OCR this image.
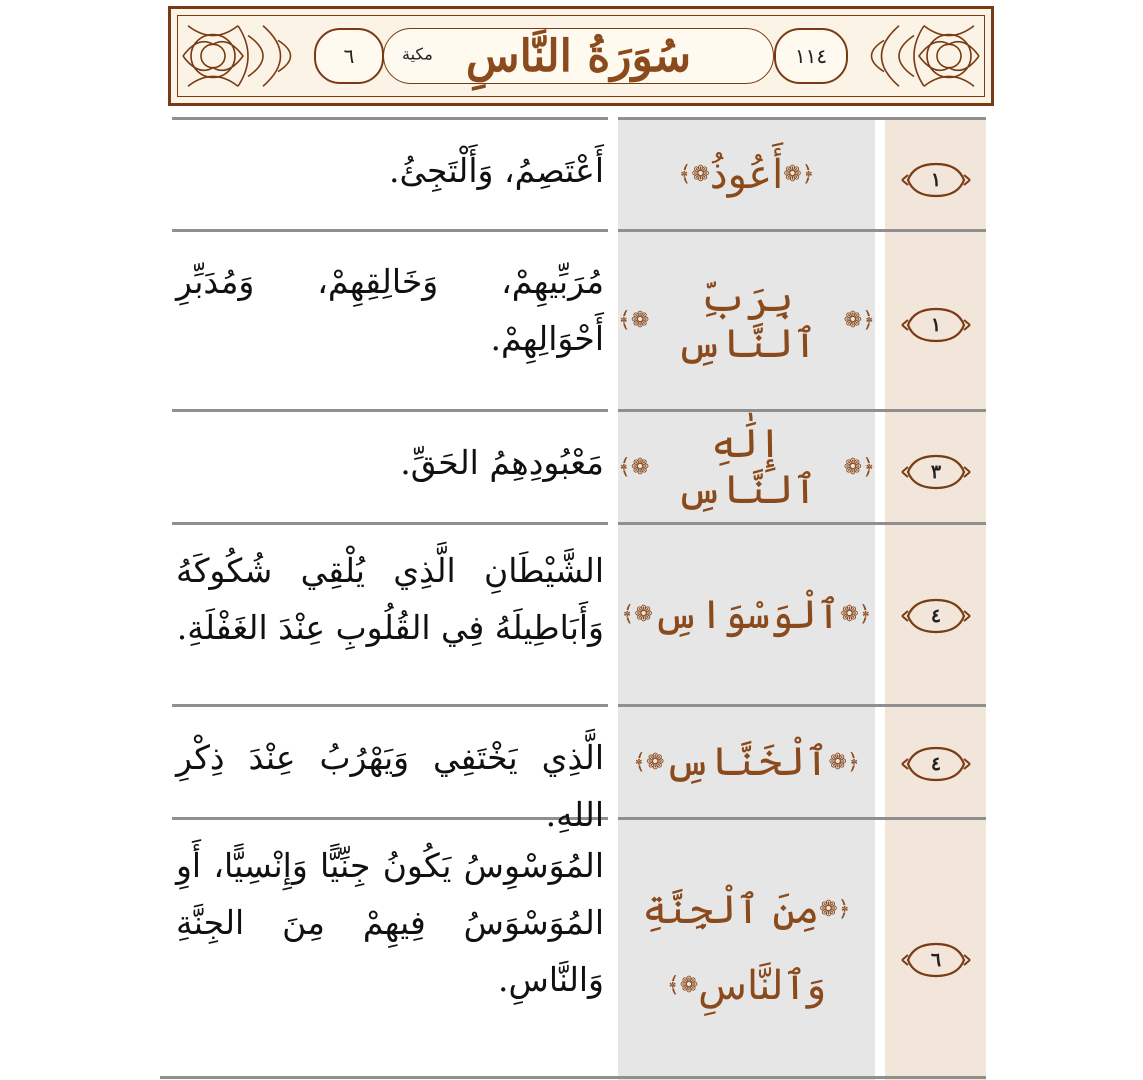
٦	مكية سُوَرَةُ النَّاسِ	١١٤
١
﴿❁
أَعُوذُ
❁﴾
أَعْتَصِمُ، وَأَلْتَجِئُ.
١
﴿❁
بِرَبِّ ٱلنَّاسِ
❁﴾
مُرَبِّيهِمْ، وَخَالِقِهِمْ، وَمُدَبِّرِ أَحْوَالِهِمْ.
٣
﴿❁
إِلَٰهِ ٱلنَّاسِ
❁﴾
مَعْبُودِهِمُ الحَقِّ.
٤
﴿❁
ٱلْوَسْوَاسِ
❁﴾
الشَّيْطَانِ الَّذِي يُلْقِي شُكُوكَهُ وَأَبَاطِيلَهُ فِي القُلُوبِ عِنْدَ الغَفْلَةِ.
٤
﴿❁
ٱلْخَنَّاسِ
❁﴾
الَّذِي يَخْتَفِي وَيَهْرُبُ عِنْدَ ذِكْرِ اللهِ.
٦
﴿❁
مِنَ ٱلْجِنَّةِ
وَٱلنَّاسِ
❁﴾
المُوَسْوِسُ يَكُونُ جِنِّيًّا وَإِنْسِيًّا، أَوِ المُوَسْوَسُ فِيهِمْ مِنَ الجِنَّةِ وَالنَّاسِ.
